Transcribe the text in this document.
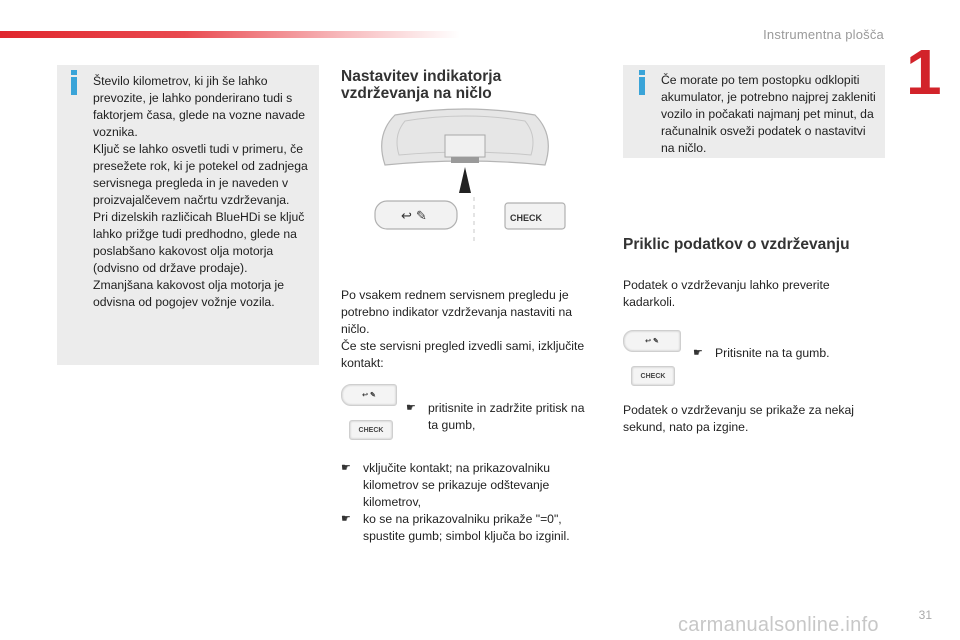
Instrumentna plošča
1

Število kilometrov, ki jih še lahko prevozite, je lahko ponderirano tudi s faktorjem časa, glede na vozne navade voznika.

Ključ se lahko osvetli tudi v primeru, če presežete rok, ki je potekel od zadnjega servisnega pregleda in je naveden v proizvajalčevem načrtu vzdrževanja.

Pri dizelskih različicah BlueHDi se ključ lahko prižge tudi predhodno, glede na poslabšano kakovost olja motorja (odvisno od države prodaje).

Zmanjšana kakovost olja motorja je odvisna od pogojev vožnje vozila.

Nastavitev indikatorja vzdrževanja na ničlo
↩ ✎	CHECK

Po vsakem rednem servisnem pregledu je potrebno indikator vzdrževanja nastaviti na ničlo.

Če ste servisni pregled izvedli sami, izključite kontakt:

↩ ✎
CHECK
☛ pritisnite in zadržite pritisk na ta gumb,
☛ vključite kontakt; na prikazovalniku kilometrov se prikazuje odštevanje kilometrov,
☛ ko se na prikazovalniku prikaže "=0", spustite gumb; simbol ključa bo izginil.
Če morate po tem postopku odklopiti akumulator, je potrebno najprej zakleniti vozilo in počakati najmanj pet minut, da računalnik osveži podatek o nastavitvi na ničlo.
Priklic podatkov o vzdrževanju
Podatek o vzdrževanju lahko preverite kadarkoli.
↩ ✎
CHECK
☛ Pritisnite na ta gumb.
Podatek o vzdrževanju se prikaže za nekaj sekund, nato pa izgine.
31
carmanualsonline.info
